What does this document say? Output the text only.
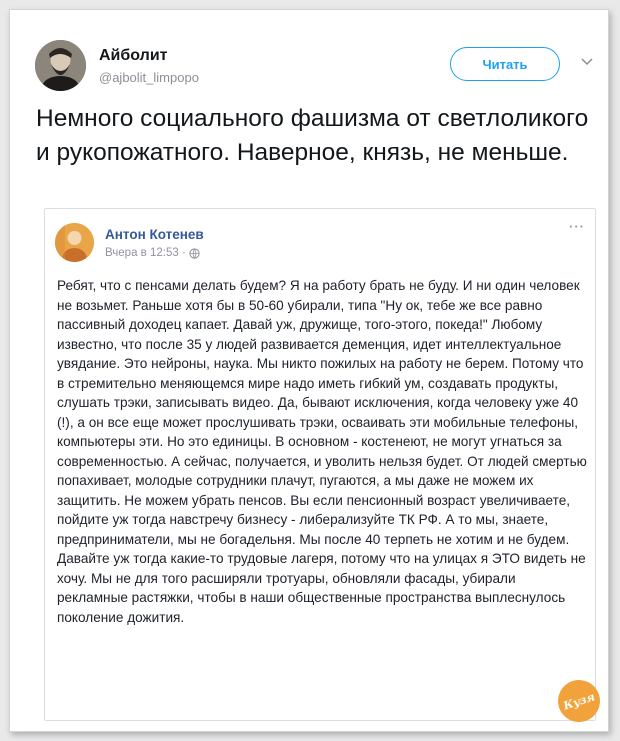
Айболит
@ajbolit_limpopo
Читать
Немного социального фашизма от светлоликого и рукопожатного. Наверное, князь, не меньше.
Антон Котенев
Вчера в 12:53 ·
···
Ребят, что с пенсами делать будем? Я на работу брать не буду. И ни один человек не возьмет. Раньше хотя бы в 50-60 убирали, типа "Ну ок, тебе же все равно пассивный доходец капает. Давай уж, дружище, того-этого, покеда!" Любому известно, что после 35 у людей развивается деменция, идет интеллектуальное увядание. Это нейроны, наука. Мы никто пожилых на работу не берем. Потому что в стремительно меняющемся мире надо иметь гибкий ум, создавать продукты, слушать трэки, записывать видео. Да, бывают исключения, когда человеку уже 40 (!), а он все еще может прослушивать трэки, осваивать эти мобильные телефоны, компьютеры эти. Но это единицы. В основном - костенеют, не могут угнаться за современностью. А сейчас, получается, и уволить нельзя будет. От людей смертью попахивает, молодые сотрудники плачут, пугаются, а мы даже не можем их защитить. Не можем убрать пенсов. Вы если пенсионный возраст увеличиваете, пойдите уж тогда навстречу бизнесу - либерализуйте ТК РФ. А то мы, знаете, предприниматели, мы не богадельня. Мы после 40 терпеть не хотим и не будем. Давайте уж тогда какие-то трудовые лагеря, потому что на улицах я ЭТО видеть не хочу. Мы не для того расширяли тротуары, обновляли фасады, убирали рекламные растяжки, чтобы в наши общественные пространства выплеснулось поколение дожития.
Кузя
